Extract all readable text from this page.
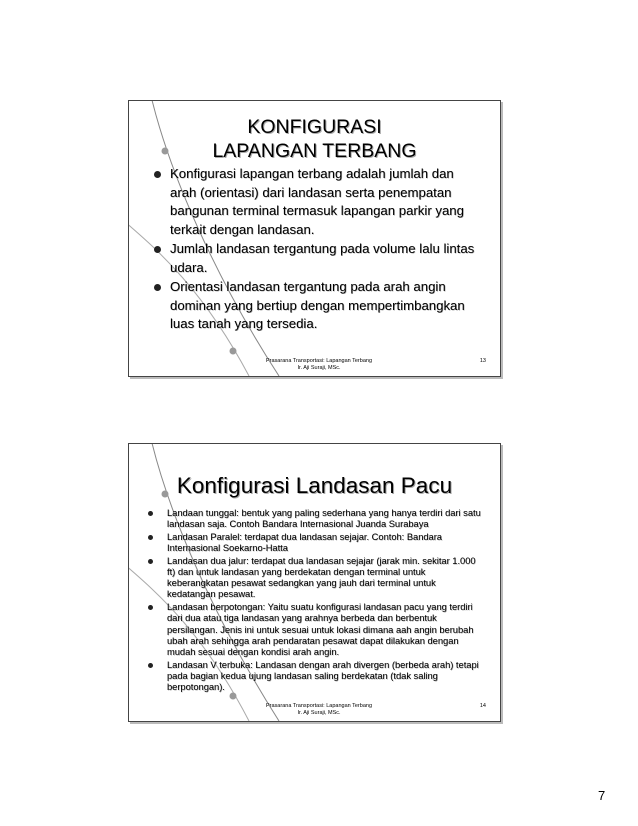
KONFIGURASI
LAPANGAN TERBANG
Konfigurasi lapangan terbang adalah jumlah dan arah (orientasi) dari landasan serta penempatan bangunan terminal termasuk lapangan parkir yang terkait dengan landasan.
Jumlah landasan tergantung pada volume lalu lintas udara.
Orientasi landasan tergantung pada arah angin dominan yang bertiup dengan mempertimbangkan luas tanah yang tersedia.
Prasarana Transportasi: Lapangan Terbang
Ir. Aji Suraji, MSc.
13
Konfigurasi Landasan Pacu
Landaan tunggal: bentuk yang paling sederhana yang hanya terdiri dari satu landasan saja. Contoh Bandara Internasional Juanda Surabaya
Landasan Paralel: terdapat dua landasan sejajar. Contoh: Bandara Internasional Soekarno-Hatta
Landasan dua jalur: terdapat dua landasan sejajar (jarak min. sekitar 1.000 ft) dan untuk landasan yang berdekatan dengan terminal untuk keberangkatan pesawat sedangkan yang jauh dari terminal untuk kedatangan pesawat.
Landasan berpotongan: Yaitu suatu konfigurasi landasan pacu yang terdiri dari dua atau tiga landasan yang arahnya berbeda dan berbentuk persilangan. Jenis ini untuk sesuai untuk lokasi dimana aah angin berubah ubah arah sehingga arah pendaratan pesawat dapat dilakukan dengan mudah sesuai dengan kondisi arah angin.
Landasan V terbuka: Landasan dengan arah divergen (berbeda arah) tetapi pada bagian kedua ujung landasan saling berdekatan (tdak saling berpotongan).
Prasarana Transportasi: Lapangan Terbang
Ir. Aji Suraji, MSc.
14
7
